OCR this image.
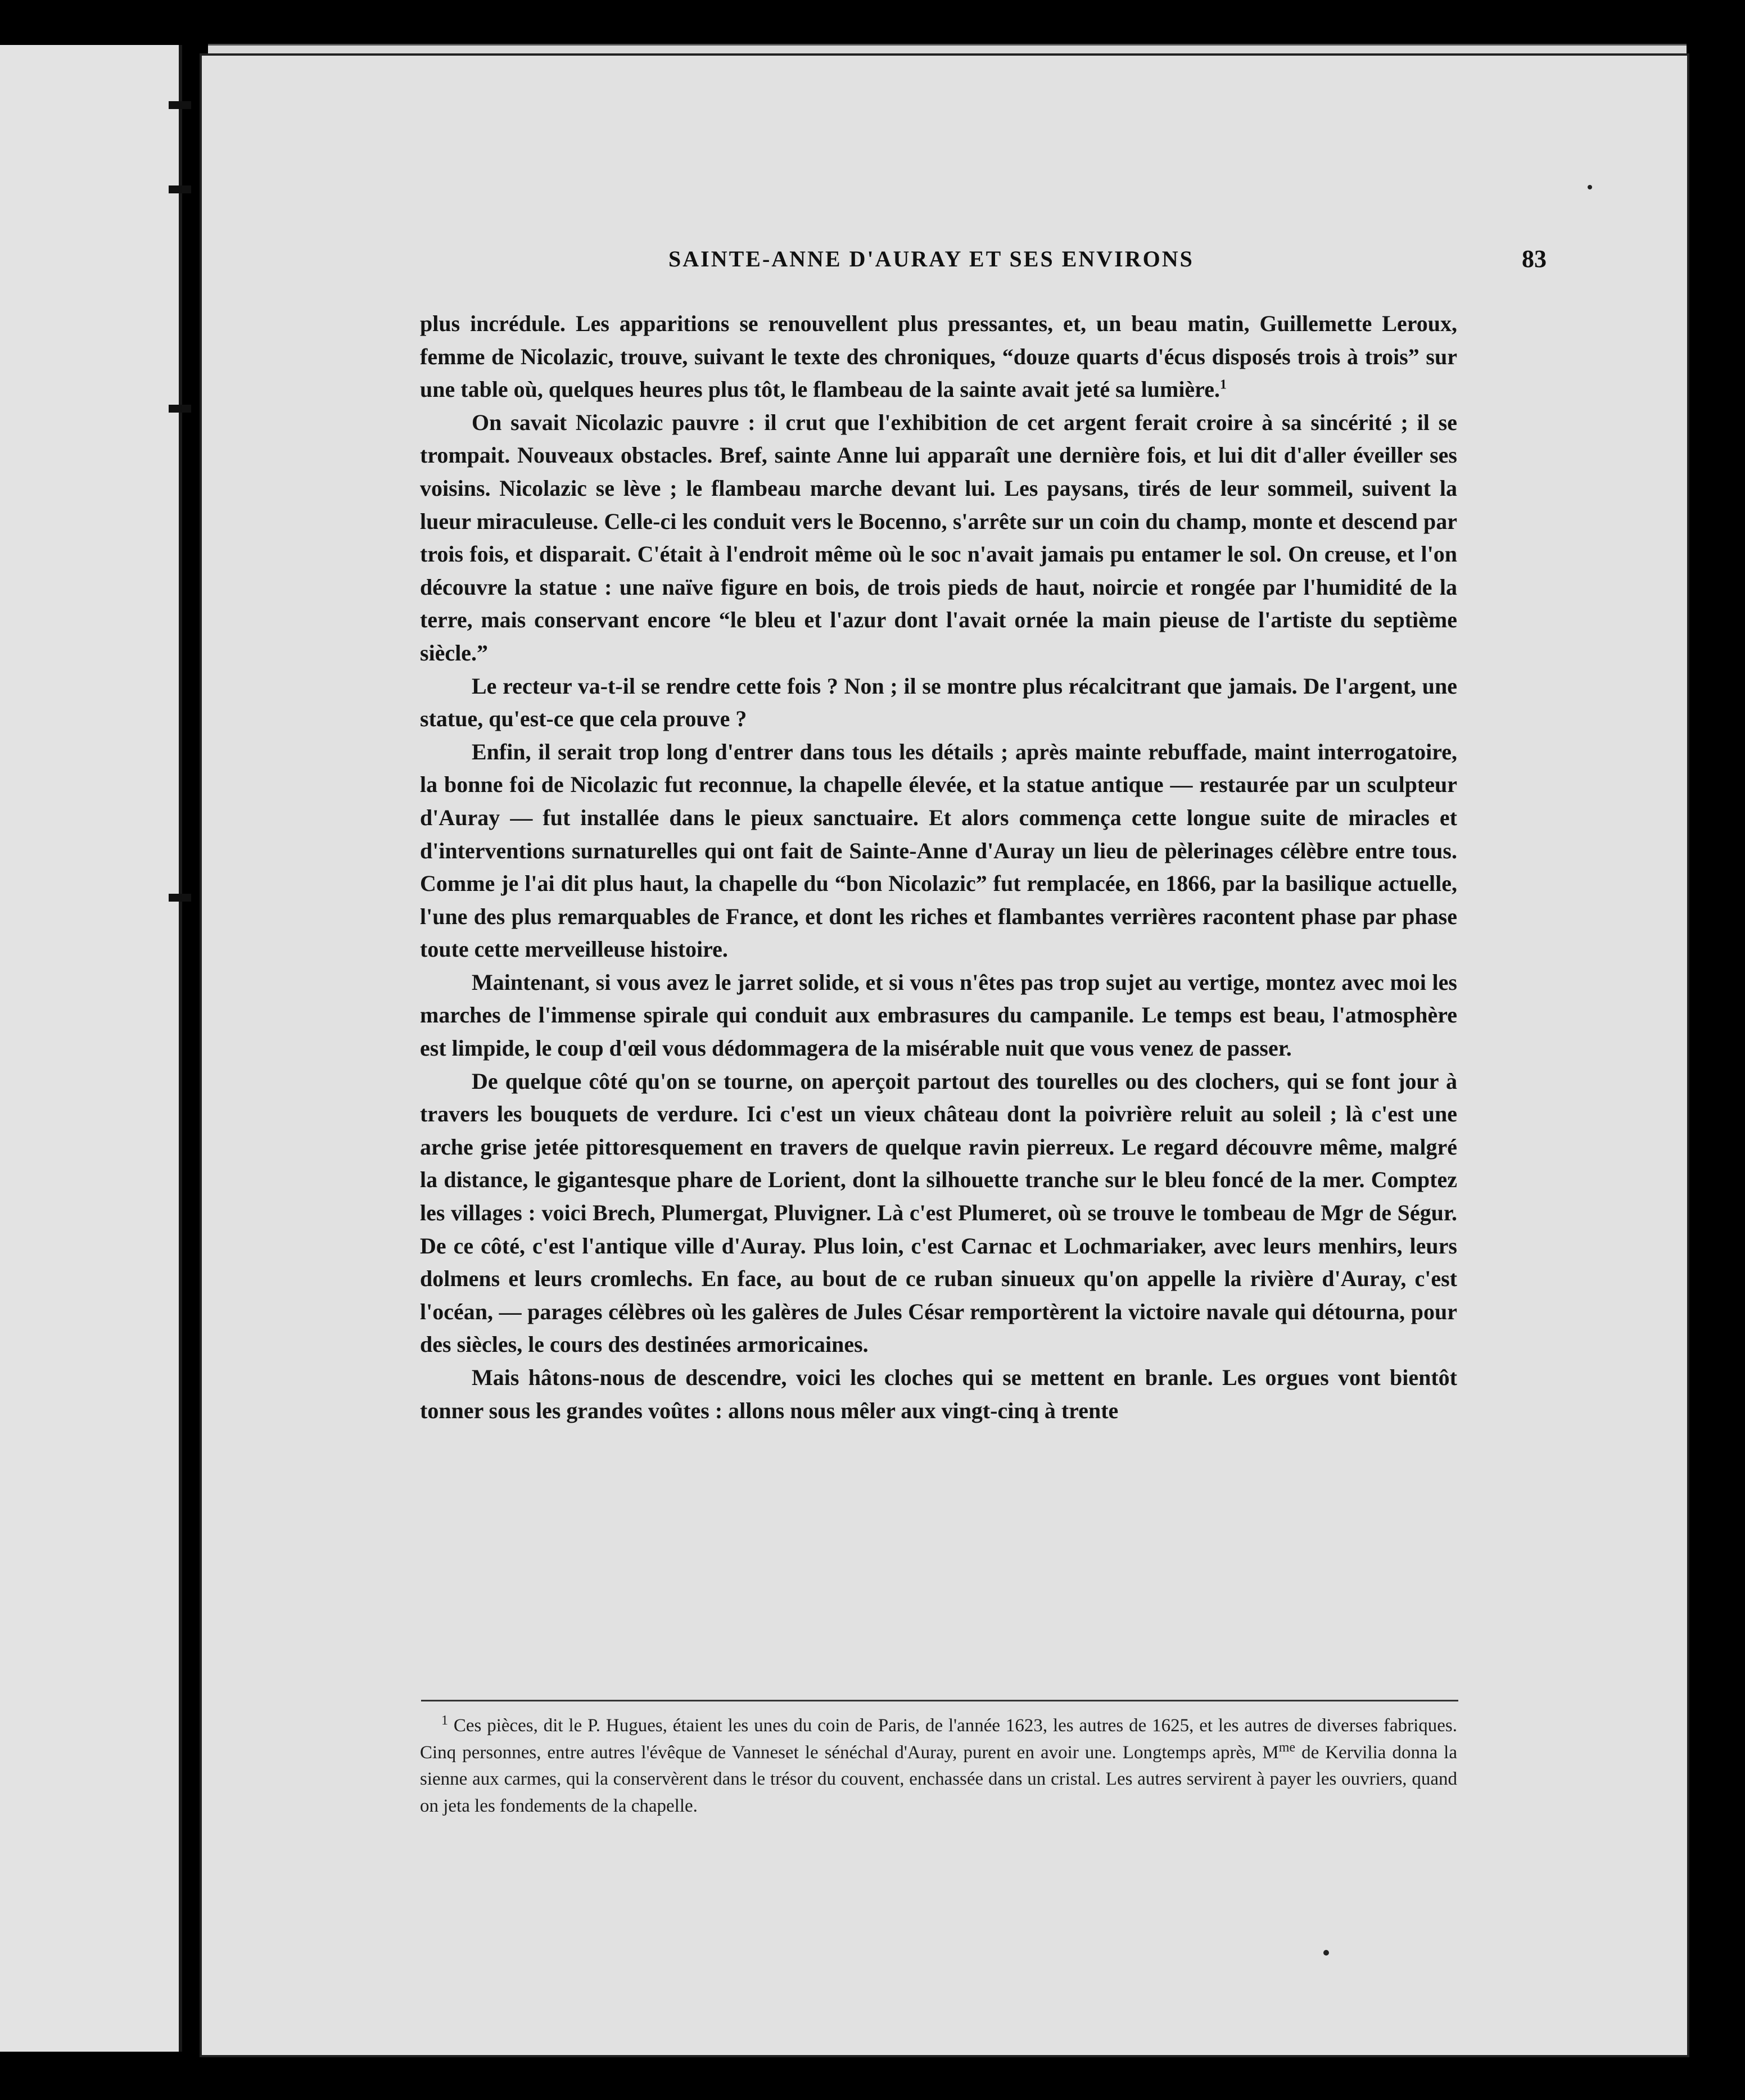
SAINTE-ANNE D'AURAY ET SES ENVIRONS	83

plus incrédule. Les apparitions se renouvellent plus pressantes, et, un beau matin, Guillemette Leroux, femme de Nicolazic, trouve, suivant le texte des chroniques, “douze quarts d'écus disposés trois à trois” sur une table où, quelques heures plus tôt, le flambeau de la sainte avait jeté sa lumière.$^1$

On savait Nicolazic pauvre : il crut que l'exhibition de cet argent ferait croire à sa sincérité ; il se trompait. Nouveaux obstacles. Bref, sainte Anne lui apparaît une dernière fois, et lui dit d'aller éveiller ses voisins. Nicolazic se lève ; le flambeau marche devant lui. Les paysans, tirés de leur sommeil, suivent la lueur miraculeuse. Celle-ci les conduit vers le Bocenno, s'arrête sur un coin du champ, monte et descend par trois fois, et disparait. C'était à l'endroit même où le soc n'avait jamais pu entamer le sol. On creuse, et l'on découvre la statue : une naïve figure en bois, de trois pieds de haut, noircie et rongée par l'humidité de la terre, mais conservant encore “le bleu et l'azur dont l'avait ornée la main pieuse de l'artiste du septième siècle.”

Le recteur va-t-il se rendre cette fois ? Non ; il se montre plus récalcitrant que jamais. De l'argent, une statue, qu'est-ce que cela prouve ?

Enfin, il serait trop long d'entrer dans tous les détails ; après mainte rebuffade, maint interrogatoire, la bonne foi de Nicolazic fut reconnue, la chapelle élevée, et la statue antique — restaurée par un sculpteur d'Auray — fut installée dans le pieux sanctuaire. Et alors commença cette longue suite de miracles et d'interventions surnaturelles qui ont fait de Sainte-Anne d'Auray un lieu de pèlerinages célèbre entre tous. Comme je l'ai dit plus haut, la chapelle du “bon Nicolazic” fut remplacée, en 1866, par la basilique actuelle, l'une des plus remarquables de France, et dont les riches et flambantes verrières racontent phase par phase toute cette merveilleuse histoire.

Maintenant, si vous avez le jarret solide, et si vous n'êtes pas trop sujet au vertige, montez avec moi les marches de l'immense spirale qui conduit aux embrasures du campanile. Le temps est beau, l'atmosphère est limpide, le coup d'œil vous dédommagera de la misérable nuit que vous venez de passer.

De quelque côté qu'on se tourne, on aperçoit partout des tourelles ou des clochers, qui se font jour à travers les bouquets de verdure. Ici c'est un vieux château dont la poivrière reluit au soleil ; là c'est une arche grise jetée pittoresquement en travers de quelque ravin pierreux. Le regard découvre même, malgré la distance, le gigantesque phare de Lorient, dont la silhouette tranche sur le bleu foncé de la mer. Comptez les villages : voici Brech, Plumergat, Pluvigner. Là c'est Plumeret, où se trouve le tombeau de Mgr de Ségur. De ce côté, c'est l'antique ville d'Auray. Plus loin, c'est Carnac et Lochmariaker, avec leurs menhirs, leurs dolmens et leurs cromlechs. En face, au bout de ce ruban sinueux qu'on appelle la rivière d'Auray, c'est l'océan, — parages célèbres où les galères de Jules César remportèrent la victoire navale qui détourna, pour des siècles, le cours des destinées armoricaines.

Mais hâtons-nous de descendre, voici les cloches qui se mettent en branle. Les orgues vont bientôt tonner sous les grandes voûtes : allons nous mêler aux vingt-cinq à trente

$^1$ Ces pièces, dit le P. Hugues, étaient les unes du coin de Paris, de l'année 1623, les autres de 1625, et les autres de diverses fabriques. Cinq personnes, entre autres l'évêque de Vanneset le sénéchal d'Auray, purent en avoir une. Longtemps après, $M^{me}$ de Kervilia donna la sienne aux carmes, qui la conservèrent dans le trésor du couvent, enchassée dans un cristal. Les autres servirent à payer les ouvriers, quand on jeta les fondements de la chapelle.
